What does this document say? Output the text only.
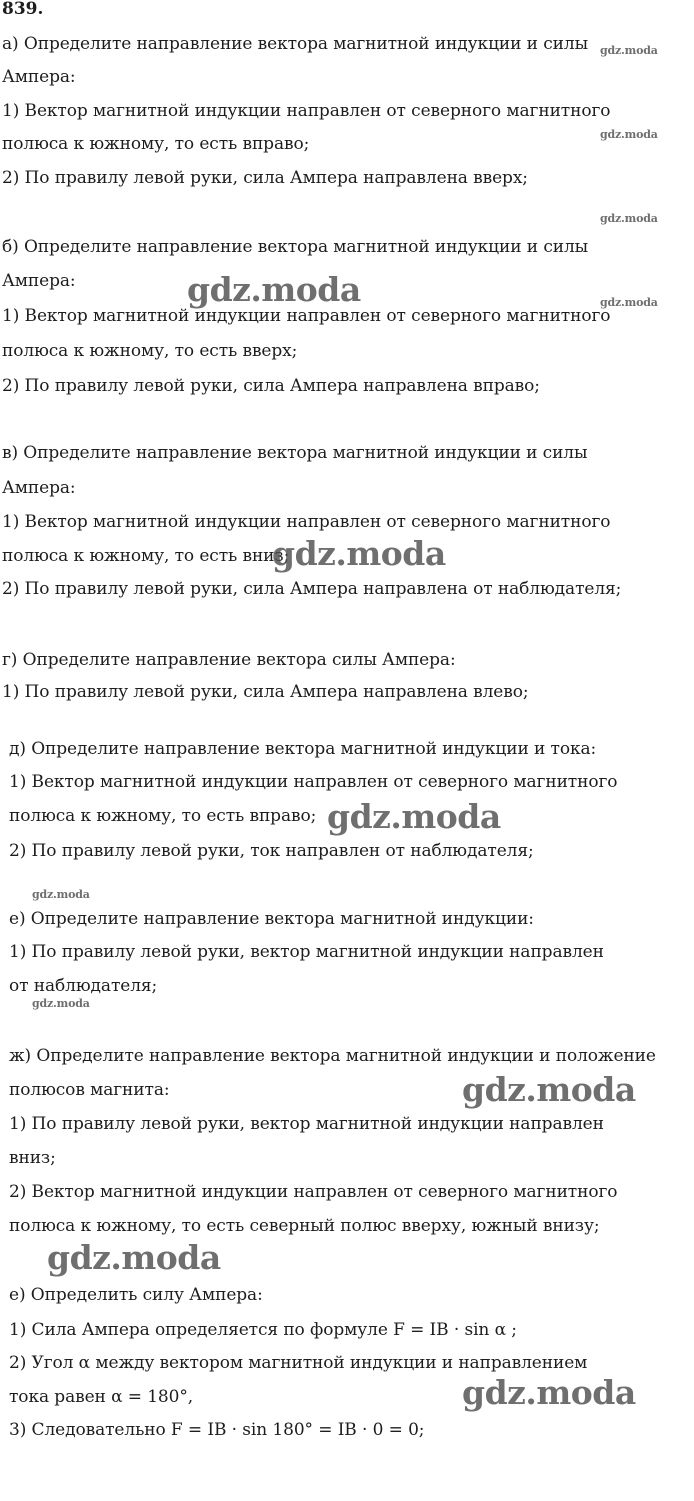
839.
а) Определите направление вектора магнитной индукции и силы
Ампера:
1) Вектор магнитной индукции направлен от северного магнитного
полюса к южному, то есть вправо;
2) По правилу левой руки, сила Ампера направлена вверх;
б) Определите направление вектора магнитной индукции и силы
Ампера:
1) Вектор магнитной индукции направлен от северного магнитного
полюса к южному, то есть вверх;
2) По правилу левой руки, сила Ампера направлена вправо;
в) Определите направление вектора магнитной индукции и силы
Ампера:
1) Вектор магнитной индукции направлен от северного магнитного
полюса к южному, то есть вниз;
2) По правилу левой руки, сила Ампера направлена от наблюдателя;
г) Определите направление вектора силы Ампера:
1) По правилу левой руки, сила Ампера направлена влево;
д) Определите направление вектора магнитной индукции и тока:
1) Вектор магнитной индукции направлен от северного магнитного
полюса к южному, то есть вправо;
2) По правилу левой руки, ток направлен от наблюдателя;
е) Определите направление вектора магнитной индукции:
1) По правилу левой руки, вектор магнитной индукции направлен
от наблюдателя;
ж) Определите направление вектора магнитной индукции и положение
полюсов магнита:
1) По правилу левой руки, вектор магнитной индукции направлен
вниз;
2) Вектор магнитной индукции направлен от северного магнитного
полюса к южному, то есть северный полюс вверху, южный внизу;
е) Определить силу Ампера:
1) Сила Ампера определяется по формуле F = IB · sin α ;
2) Угол α между вектором магнитной индукции и направлением
тока равен α = 180°,
3) Следовательно F = IB · sin 180° = IB · 0 = 0;
gdz.moda
gdz.moda
gdz.moda
gdz.moda
gdz.moda
gdz.moda
gdz.moda
gdz.moda
gdz.moda
gdz.moda
gdz.moda
gdz.moda
